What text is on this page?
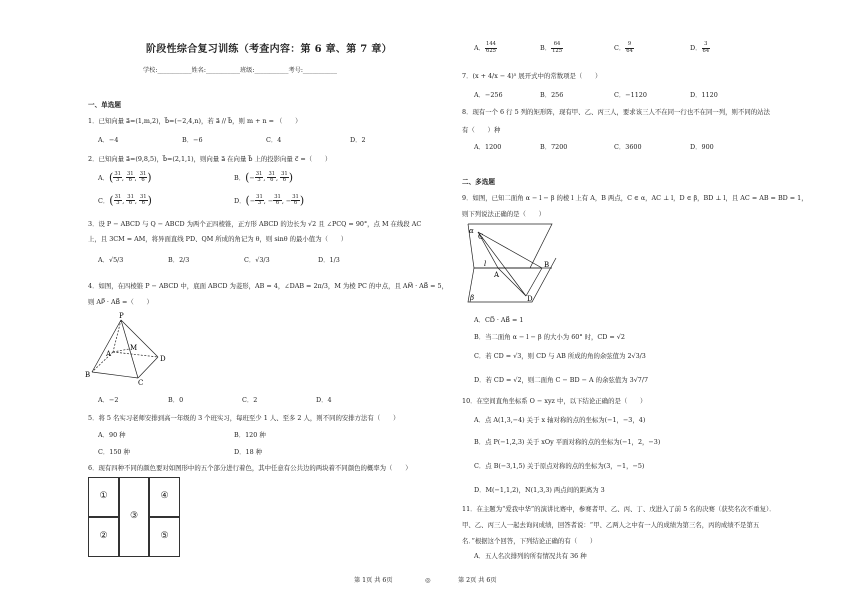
阶段性综合复习训练（考查内容：第 6 章、第 7 章）
学校:___________姓名:___________班级:___________考号:___________
一、单选题
1．已知向量 a⃗=(1,m,2)，b⃗=(−2,4,n)，若 a⃗ // b⃗，则 m + n = （　　）
A．−4	B．−6	C．4	D．2
2．已知向量 a⃗=(9,8,5)，b⃗=(2,1,1)，则向量 a⃗ 在向量 b⃗ 上的投影向量 c⃗ =（　　）
A．( $\frac{31}{3}$ , $\frac{31}{6}$ , $\frac{31}{6}$ )	B．(− $\frac{31}{3}$ , $\frac{31}{6}$ , $\frac{31}{6}$ )
C．( $\frac{31}{3}$ , $\frac{31}{6}$ , $\frac{31}{6}$ )	D．(− $\frac{31}{3}$ , − $\frac{31}{6}$ , − $\frac{31}{6}$ )
3．设 P − ABCD 与 Q − ABCD 为两个正四棱锥，正方形 ABCD 的边长为 √2 且 ∠PCQ = 90°，点 M 在线段 AC
上，且 3CM = AM，将异面直线 PD、QM 所成的角记为 θ，则 sinθ 的最小值为（　　）
A．√5/3	B．2/3	C．√3/3	D．1/3
4．如图，在四棱锥 P − ABCD 中，底面 ABCD 为菱形，AB = 4，∠DAB = 2π/3，M 为棱 PC 的中点，且 AM⃗ · AB⃗ = 5，
则 AP⃗ · AB⃗ =（　　）
P
M
A
B
C
D
A．−2	B．0	C．2	D．4
5．将 5 名实习老师安排到高一年级的 3 个班实习，每班至少 1 人、至多 2 人，则不同的安排方法有（　　）
A．90 种	B．120 种
C．150 种	D．18 种
6．现有四种不同的颜色要对如图形中的五个部分进行着色，其中任意有公共边的两块着不同颜色的概率为（　　）
①
②
③
④
⑤
A． $\frac{144}{625}$	B． $\frac{64}{125}$	C． $\frac{9}{64}$	D． $\frac{3}{64}$
7．(x + 4/x − 4)⁵ 展开式中的常数项是（　　）
A．−256	B．256	C．−1120	D．1120
8．现有一个 6 行 5 列的矩形阵，现有甲、乙、丙三人，要求该三人不在同一行也不在同一列，则不同的站法
有（　　）种
A．1200	B．7200	C．3600	D．900
二、多选题
9．如图，已知二面角 α − l − β 的棱 l 上有 A，B 两点，C ∈ α，AC ⊥ l，D ∈ β，BD ⊥ l，且 AC = AB = BD = 1，
则下列说法正确的是（　　）
α
C
l
A
B
D
β
A．CD⃗ · AB⃗ = 1
B．当二面角 α − l − β 的大小为 60° 时，CD = √2
C．若 CD = √3，则 CD 与 AB 所成的角的余弦值为 2√3/3
D．若 CD = √2，则二面角 C − BD − A 的余弦值为 3√7/7
10．在空间直角坐标系 O − xyz 中，以下结论正确的是（　　）
A．点 A(1,3,−4) 关于 x 轴对称的点的坐标为(−1，−3，4)
B．点 P(−1,2,3) 关于 xOy 平面对称的点的坐标为(−1，2，−3)
C．点 B(−3,1,5) 关于原点对称的点的坐标为(3，−1，−5)
D．M(−1,1,2)，N(1,3,3) 两点间的距离为 3
11．在主题为“爱我中华”的演讲比赛中，参赛者甲、乙、丙、丁、戊进入了前 5 名的决赛（获奖名次不重复）．
甲、乙、丙三人一起去询问成绩，回答者说：“甲、乙两人之中有一人的成绩为第三名，丙的成绩不是第五
名．”根据这个回答，下列结论正确的有（　　）
A．五人名次排列的所有情况共有 36 种
第 1页 共 6页	◎	第 2页 共 6页
